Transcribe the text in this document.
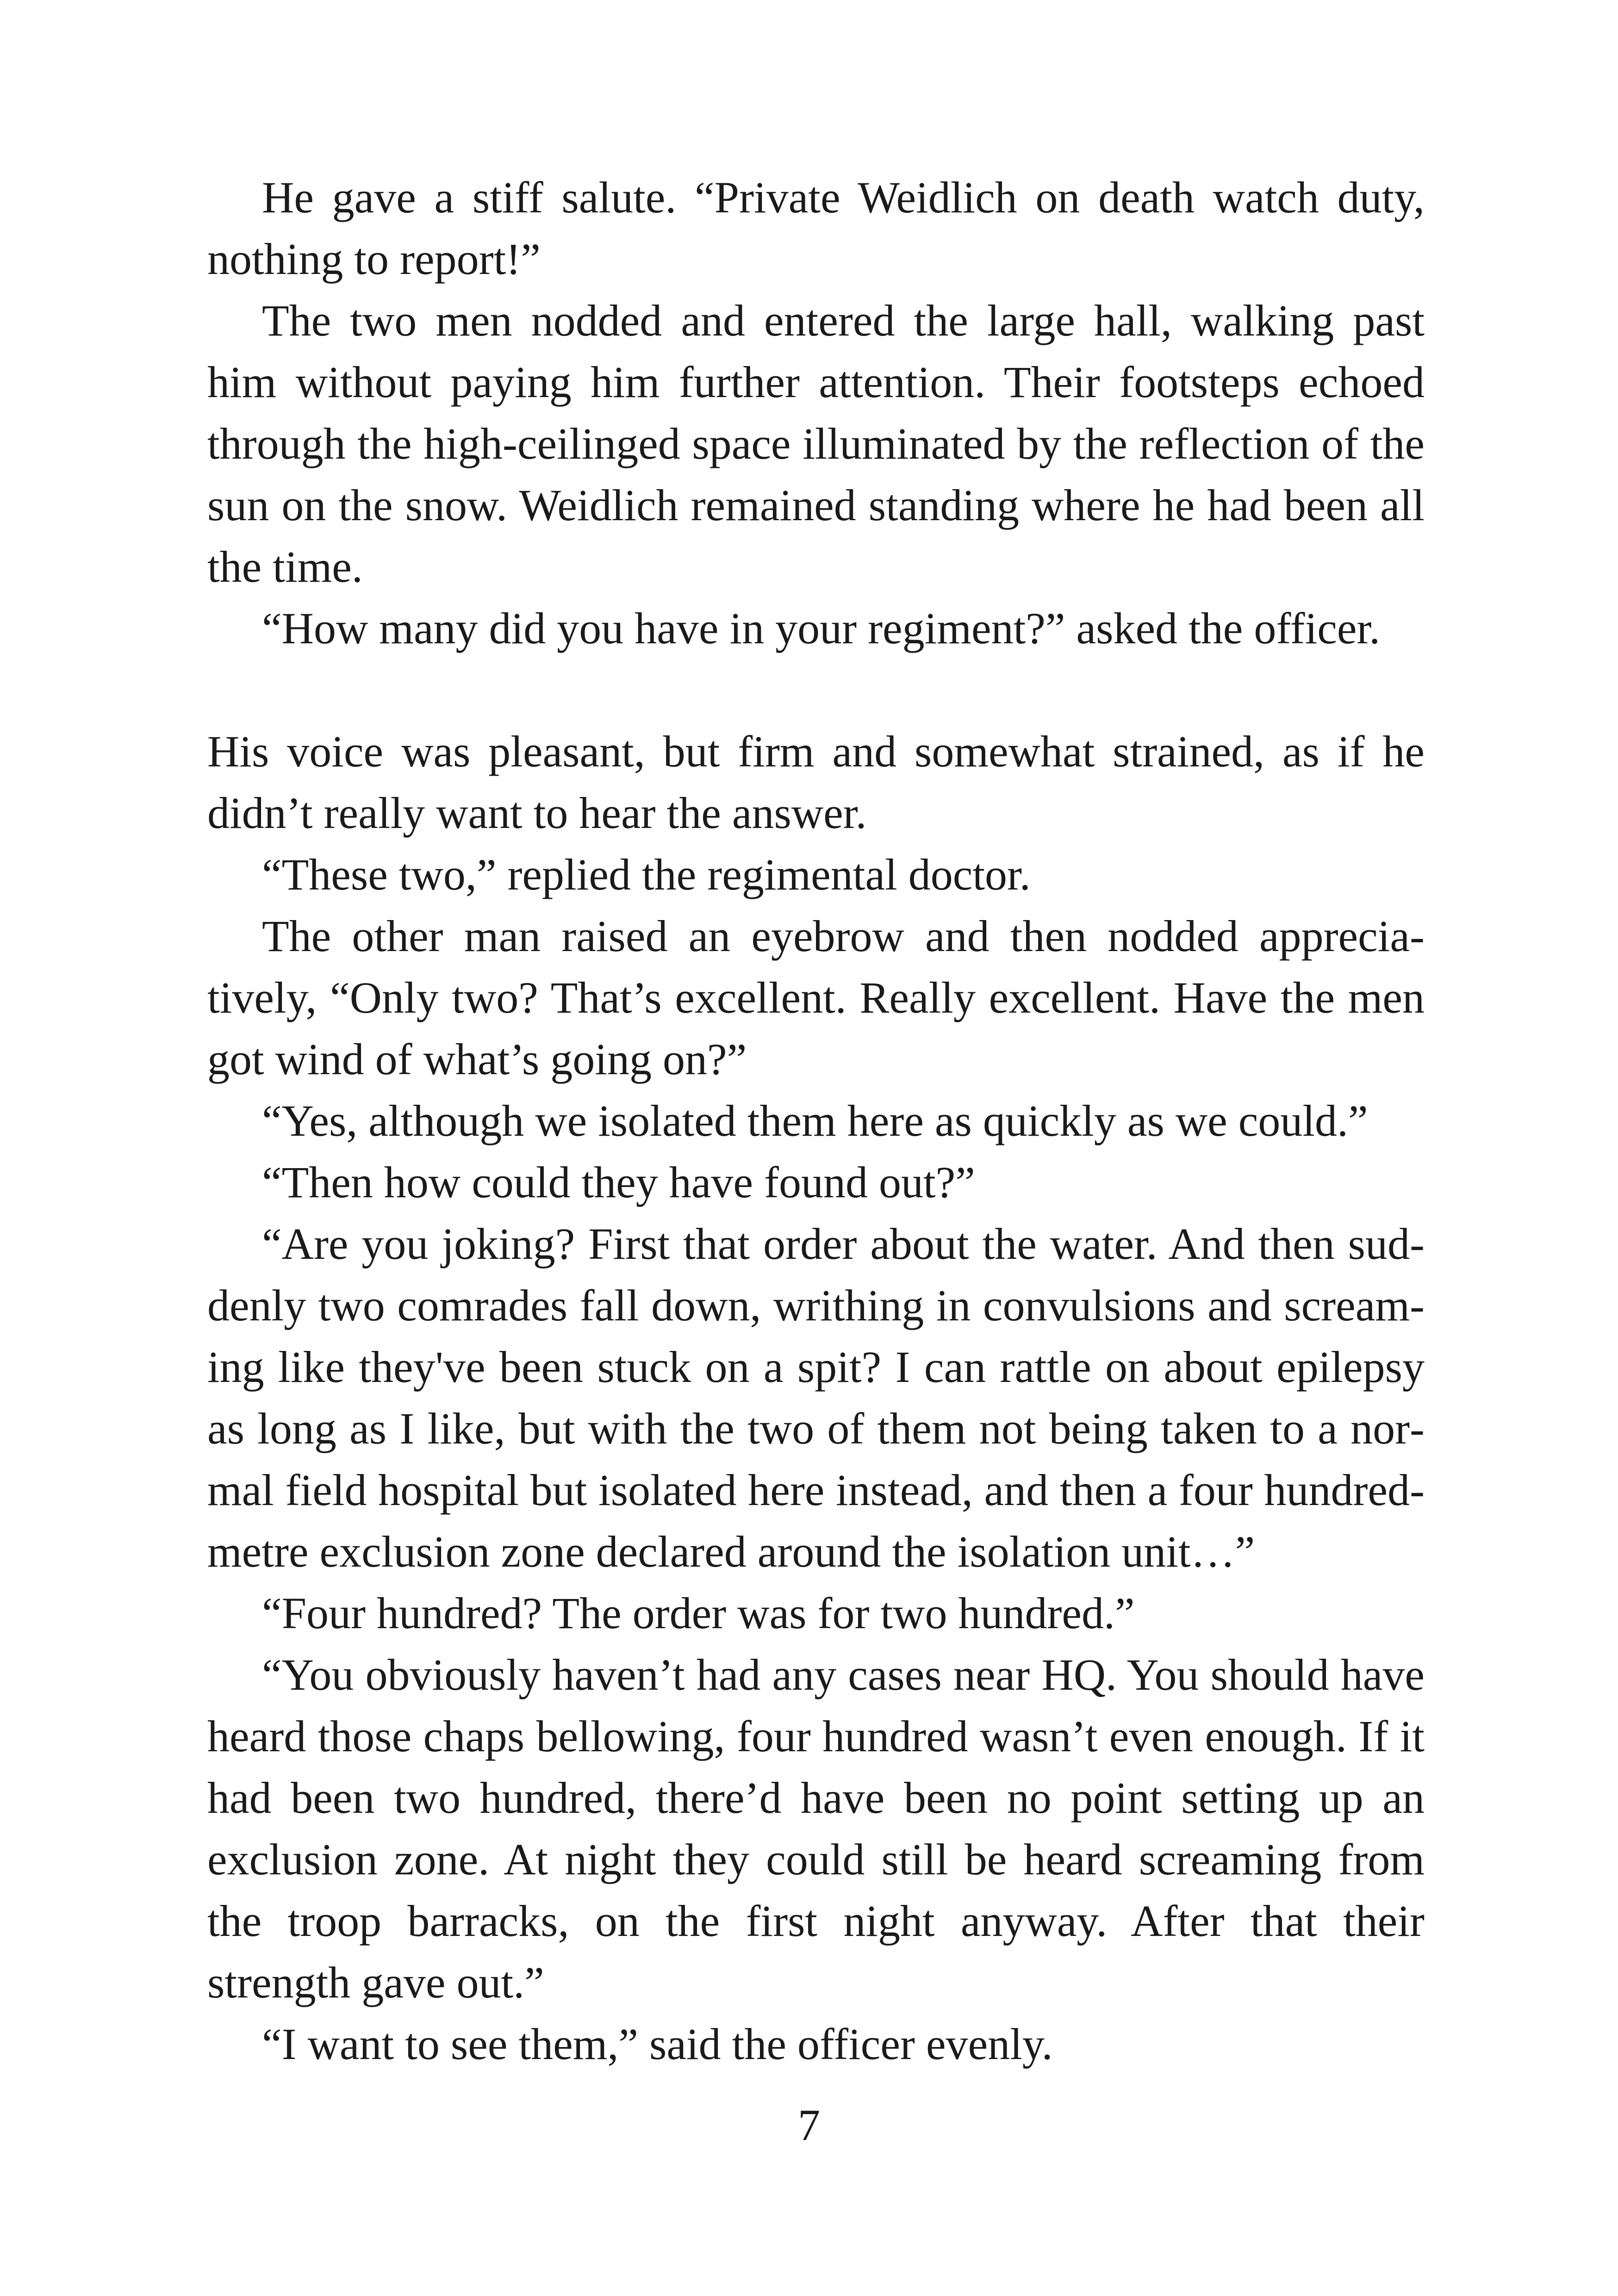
He gave a stiff salute. “Private Weidlich on death watch duty, nothing to report!”

The two men nodded and entered the large hall, walking past him without paying him further attention. Their footsteps echoed through the high-ceilinged space illuminated by the reflection of the sun on the snow. Weidlich remained standing where he had been all the time.

“How many did you have in your regiment?” asked the officer.

His voice was pleasant, but firm and somewhat strained, as if he didn’t really want to hear the answer.

“These two,” replied the regimental doctor.

The other man raised an eyebrow and then nodded appreciatively, “Only two? That’s excellent. Really excellent. Have the men got wind of what’s going on?”

“Yes, although we isolated them here as quickly as we could.”

“Then how could they have found out?”

“Are you joking? First that order about the water. And then suddenly two comrades fall down, writhing in convulsions and screaming like they've been stuck on a spit? I can rattle on about epilepsy as long as I like, but with the two of them not being taken to a normal field hospital but isolated here instead, and then a four hundred-metre exclusion zone declared around the isolation unit…”

“Four hundred? The order was for two hundred.”

“You obviously haven’t had any cases near HQ. You should have heard those chaps bellowing, four hundred wasn’t even enough. If it had been two hundred, there’d have been no point setting up an exclusion zone. At night they could still be heard screaming from the troop barracks, on the first night anyway. After that their strength gave out.”

“I want to see them,” said the officer evenly.

7
